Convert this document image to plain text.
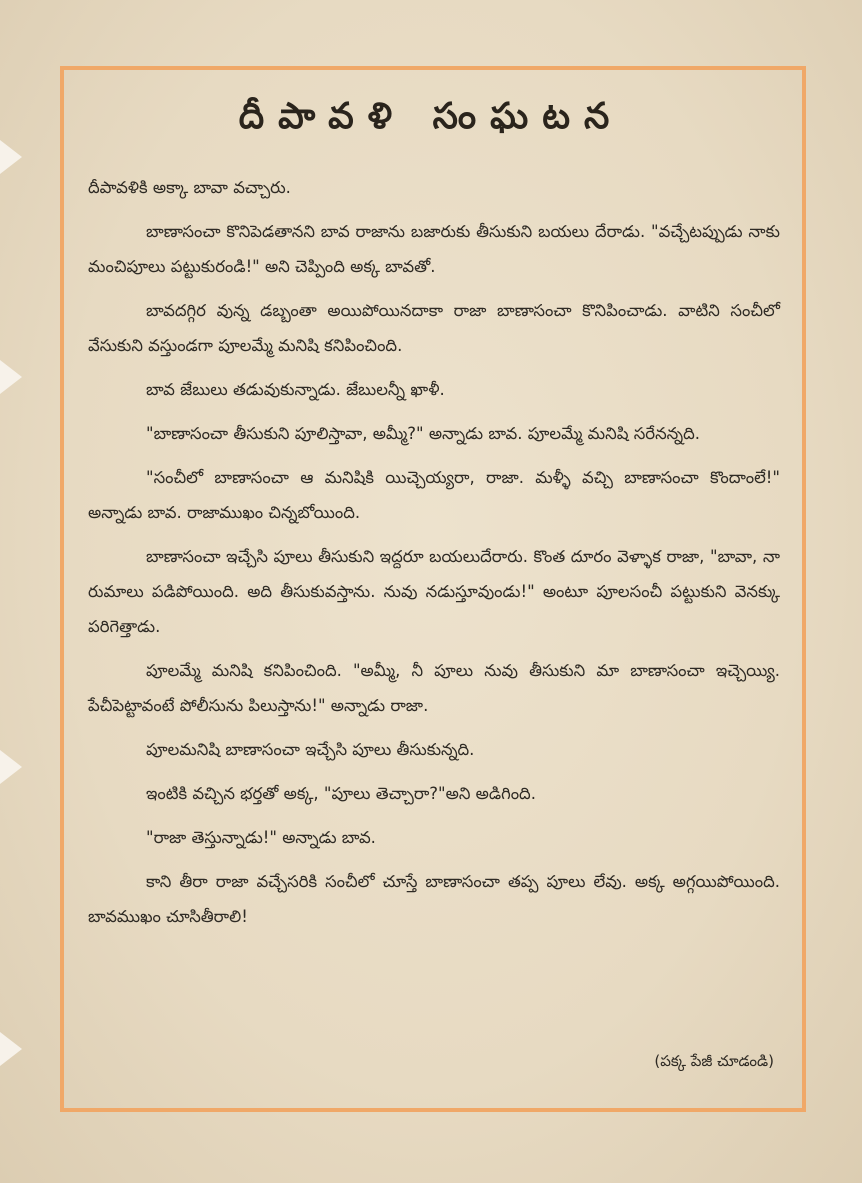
దీపావళి సంఘటన

దీపావళికి అక్కా బావా వచ్చారు.

బాణాసంచా కొనిపెడతానని బావ రాజాను బజారుకు తీసుకుని బయలు దేరాడు. "వచ్చేటప్పుడు నాకు మంచిపూలు పట్టుకురండి!" అని చెప్పింది అక్క బావతో.

బావదగ్గిర వున్న డబ్బంతా అయిపోయినదాకా రాజా బాణాసంచా కొనిపించాడు. వాటిని సంచీలో వేసుకుని వస్తుండగా పూలమ్మే మనిషి కనిపించింది.

బావ జేబులు తడువుకున్నాడు. జేబులన్నీ ఖాళీ.

"బాణాసంచా తీసుకుని పూలిస్తావా, అమ్మీ?" అన్నాడు బావ. పూలమ్మే మనిషి సరేనన్నది.

"సంచీలో బాణాసంచా ఆ మనిషికి యిచ్చెయ్యరా, రాజా. మళ్ళీ వచ్చి బాణాసంచా కొందాంలే!" అన్నాడు బావ. రాజాముఖం చిన్నబోయింది.

బాణాసంచా ఇచ్చేసి పూలు తీసుకుని ఇద్దరూ బయలుదేరారు. కొంత దూరం వెళ్ళాక రాజా, "బావా, నా రుమాలు పడిపోయింది. అది తీసుకువస్తాను. నువు నడుస్తూవుండు!" అంటూ పూలసంచీ పట్టుకుని వెనక్కు పరిగెత్తాడు.

పూలమ్మే మనిషి కనిపించింది. "అమ్మీ, నీ పూలు నువు తీసుకుని మా బాణాసంచా ఇచ్చెయ్యి. పేచీపెట్టావంటే పోలీసును పిలుస్తాను!" అన్నాడు రాజా.

పూలమనిషి బాణాసంచా ఇచ్చేసి పూలు తీసుకున్నది.

ఇంటికి వచ్చిన భర్తతో అక్క, "పూలు తెచ్చారా?"అని అడిగింది.

"రాజా తెస్తున్నాడు!" అన్నాడు బావ.

కాని తీరా రాజా వచ్చేసరికి సంచీలో చూస్తే బాణాసంచా తప్ప పూలు లేవు. అక్క అగ్గయిపోయింది. బావముఖం చూసితీరాలి!

(పక్క పేజీ చూడండి)
